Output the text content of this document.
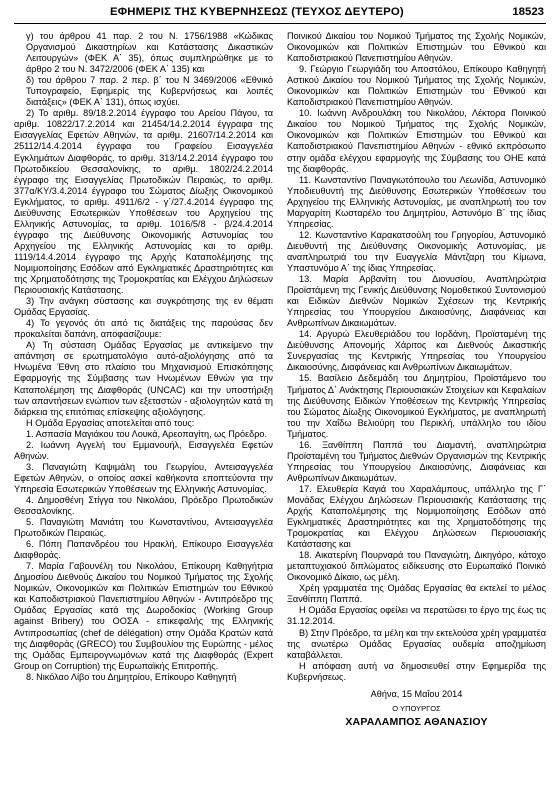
ΕΦΗΜΕΡΙΣ ΤΗΣ ΚΥΒΕΡΝΗΣΕΩΣ (ΤΕΥΧΟΣ ΔΕΥΤΕΡΟ)	18523

γ) του άρθρου 41 παρ. 2 του Ν. 1756/1988 «Κώδικας Οργανισμού Δικαστηρίων και Κατάστασης Δικαστικών Λειτουργών» (ΦΕΚ Α΄ 35), όπως συμπληρώθηκε με το άρθρο 2 του Ν. 3472/2006 (ΦΕΚ Α΄ 135) και

δ) του άρθρου 7 παρ. 2 περ. β΄ του Ν 3469/2006 «Εθνικό Τυπογραφείο, Εφημερίς της Κυβερνήσεως και λοιπές διατάξεις» (ΦΕΚ Α΄ 131), όπως ισχύει.

2) Το αριθμ. 89/18.2.2014 έγγραφο του Αρείου Πάγου, τα αριθμ. 10822/17.2.2014 και 21454/14.2.2014 έγγραφα της Εισαγγελίας Εφετών Αθηνών, τα αριθμ. 21607/14.2.2014 και 25112/14.4.2014 έγγραφα του Γραφείου Εισαγγελέα Εγκλημάτων Διαφθοράς, το αριθμ. 313/14.2.2014 έγγραφο του Πρωτοδικείου Θεσσαλονίκης, το αριθμ. 1802/24.2.2014 έγγραφο της Εισαγγελίας Πρωτοδικών Πειραιώς, το αριθμ. 377α/ΚΥ/3.4.2014 έγγραφο του Σώματος Δίωξης Οικονομικού Εγκλήματος, το αριθμ. 4911/6/2 - γ΄/27.4.2014 έγγραφο της Διεύθυνσης Εσωτερικών Υποθέσεων του Αρχηγείου της Ελληνικής Αστυνομίας, τα αριθμ. 1016/5/8 - β/24.4.2014 έγγραφο της Διεύθυνσης Οικονομικής Αστυνομίας του Αρχηγείου της Ελληνικής Αστυνομίας και το αριθμ. 1119/14.4.2014 έγγραφο της Αρχής Καταπολέμησης της Νομιμοποίησης Εσόδων από Εγκληματικές Δραστηριότητες και της Χρηματοδότησης της Τρομοκρατίας και Ελέγχου Δηλώσεων Περιουσιακής Κατάστασης.

3) Την ανάγκη σύστασης και συγκρότησης της εν θέματι Ομάδας Εργασίας.

4) Το γεγονός ότι από τις διατάξεις της παρούσας δεν προκαλείται δαπάνη, αποφασίζουμε:

Α) Τη σύσταση Ομάδας Εργασίας με αντικείμενο την απάντηση σε ερωτηματολόγιο αυτό-αξιολόγησης από τα Ηνωμένα Έθνη στο πλαίσιο του Μηχανισμού Επισκόπησης Εφαρμογής της Σύμβασης των Ηνωμένων Εθνών για την Καταπολέμηση της Διαφθοράς (UNCAC) και την υποστήριξη των απαντήσεων ενώπιον των εξεταστών - αξιολογητών κατά τη διάρκεια της επιτόπιας επίσκεψης αξιολόγησης.

Η Ομάδα Εργασίας αποτελείται από τους:

1. Ασπασία Μαγιάκου του Λουκά, Αρεοπαγίτη, ως Πρόεδρο.

2. Ιωάννη Αγγελή του Εμμανουήλ, Εισαγγελέα Εφετών Αθηνών.

3. Παναγιώτη Καψιμάλη του Γεωργίου, Αντεισαγγελέα Εφετών Αθηνών, ο οποίος ασκεί καθήκοντα εποπτεύοντα την Υπηρεσία Εσωτερικών Υποθέσεων της Ελληνικής Αστυνομίας.

4. Δημοσθένη Στίγγα του Νικολάου, Πρόεδρο Πρωτοδικών Θεσσαλονίκης.

5. Παναγιώτη Μανιάτη του Κωνσταντίνου, Αντεισαγγελέα Πρωτοδικών Πειραιώς.

6. Πόπη Παπανδρέου του Ηρακλή, Επίκουρο Εισαγγελέα Διαφθοράς.

7. Μαρία Γαβουνέλη του Νικολάου, Επίκουρη Καθηγήτρια Δημοσίου Διεθνούς Δικαίου του Νομικού Τμήματος της Σχολής Νομικών, Οικονομικών και Πολιτικών Επιστημών του Εθνικού και Καποδιστριακού Πανεπιστημίου Αθηνών - Αντιπρόεδρο της Ομάδας Εργασίας κατά της Δωροδοκίας (Working Group against Bribery) του ΟΟΣΑ - επικεφαλής της Ελληνικής Αντιπροσωπίας (chef de délégation) στην Ομάδα Κρατών κατά της Διαφθοράς (GRECO) του Συμβουλίου της Ευρώπης - μέλος της Ομάδας Εμπειρογνωμόνων κατά της Διαφθοράς (Expert Group on Corruption) της Ευρωπαϊκής Επιτροπής.

8. Νικόλαο Λίβο του Δημητρίου, Επίκουρο Καθηγητή

Ποινικού Δικαίου του Νομικού Τμήματος της Σχολής Νομικών, Οικονομικών και Πολιτικών Επιστημών του Εθνικού και Καποδιστριακού Πανεπιστημίου Αθηνών.

9. Γεώργιο Γεωργιάδη του Αποστόλου, Επίκουρο Καθηγητή Αστικού Δικαίου του Νομικού Τμήματος της Σχολής Νομικών, Οικονομικών και Πολιτικών Επιστημών του Εθνικού και Καποδιστριακού Πανεπιστημίου Αθηνών.

10. Ιωάννη Ανδρουλάκη του Νικολάου, Λέκτορα Ποινικού Δικαίου του Νομικού Τμήματος της Σχολής Νομικών, Οικονομικών και Πολιτικών Επιστημών του Εθνικού και Καποδιστριακού Πανεπιστημίου Αθηνών - εθνικό εκπρόσωπο στην ομάδα ελέγχου εφαρμογής της Σύμβασης του ΟΗΕ κατά της διαφθοράς.

11. Κωνσταντίνο Παναγιωτόπουλο του Λεωνίδα, Αστυνομικό Υποδιευθυντή της Διεύθυνσης Εσωτερικών Υποθέσεων του Αρχηγείου της Ελληνικής Αστυνομίας, με αναπληρωτή του τον Μαργαρίτη Κωσταρέλο του Δημητρίου, Αστυνόμο Β΄ της ίδιας Υπηρεσίας.

12. Κωνσταντίνο Καρακατσούλη του Γρηγορίου, Αστυνομικό Διευθυντή της Διεύθυνσης Οικονομικής Αστυνομίας, με αναπληρωτριά του την Ευαγγελία Μάντζαρη του Κίμωνα, Υπαστυνόμο Α΄ της ίδιας Υπηρεσίας.

13. Μαρία Αρβανίτη του Διονυσίου, Αναπληρώτρια Προϊστάμενη της Γενικής Διεύθυνσης Νομοθετικού Συντονισμού και Ειδικών Διεθνών Νομικών Σχέσεων της Κεντρικής Υπηρεσίας του Υπουργείου Δικαιοσύνης, Διαφάνειας και Ανθρωπίνων Δικαιωμάτων.

14. Αργυρώ Ελευθεριάδου του Ιορδάνη, Προϊσταμένη της Διεύθυνσης Απονομής Χάριτος και Διεθνούς Δικαστικής Συνεργασίας της Κεντρικής Υπηρεσίας του Υπουργείου Δικαιοσύνης, Διαφάνειας και Ανθρωπίνων Δικαιωμάτων.

15. Βασίλειο Δεδεμάδη του Δημητρίου, Προϊστάμενο του Τμήματος Δ΄ Ανάκτησης Περιουσιακών Στοιχείων και Κεφαλαίων της Διεύθυνσης Ειδικών Υποθέσεων της Κεντρικής Υπηρεσίας του Σώματος Δίωξης Οικονομικού Εγκλήματος, με αναπληρωτή του την Χαΐδω Βελιούρη του Περικλή, υπάλληλο του ιδίου Τμήματος.

16. Ξανθίππη Παππά του Διαμαντή, αναπληρώτρια Προϊσταμένη του Τμήματος Διεθνών Οργανισμών της Κεντρικής Υπηρεσίας του Υπουργείου Δικαιοσύνης, Διαφάνειας και Ανθρωπίνων Δικαιωμάτων.

17. Ελευθερία Καγιά του Χαραλάμπους, υπάλληλο της Γ΄ Μονάδας Ελέγχου Δηλώσεων Περιουσιακής Κατάστασης της Αρχής Καταπολέμησης της Νομιμοποίησης Εσόδων από Εγκληματικές Δραστηριότητες και της Χρηματοδότησης της Τρομοκρατίας και Ελέγχου Δηλώσεων Περιουσιακής Κατάστασης και

18. Αικατερίνη Πουρναρά του Παναγιώτη, Δικηγόρο, κάτοχο μεταπτυχιακού διπλώματος ειδίκευσης στο Ευρωπαϊκό Ποινικό Οικονομικό Δίκαιο, ως μέλη.

Χρέη γραμματέα της Ομάδας Εργασίας θα εκτελεί το μέλος Ξανθίππη Παππά.

Η Ομάδα Εργασίας οφείλει να περατώσει το έργο της έως τις 31.12.2014.

Β) Στην Πρόεδρο, τα μέλη και την εκτελούσα χρέη γραμματέα της ανωτέρω Ομάδας Εργασίας ουδεμία αποζημίωση καταβάλλεται.

Η απόφαση αυτή να δημοσιευθεί στην Εφημερίδα της Κυβερνήσεως.

Αθήνα, 15 Μαΐου 2014

Ο ΥΠΟΥΡΓΟΣ

ΧΑΡΑΛΑΜΠΟΣ ΑΘΑΝΑΣΙΟΥ
